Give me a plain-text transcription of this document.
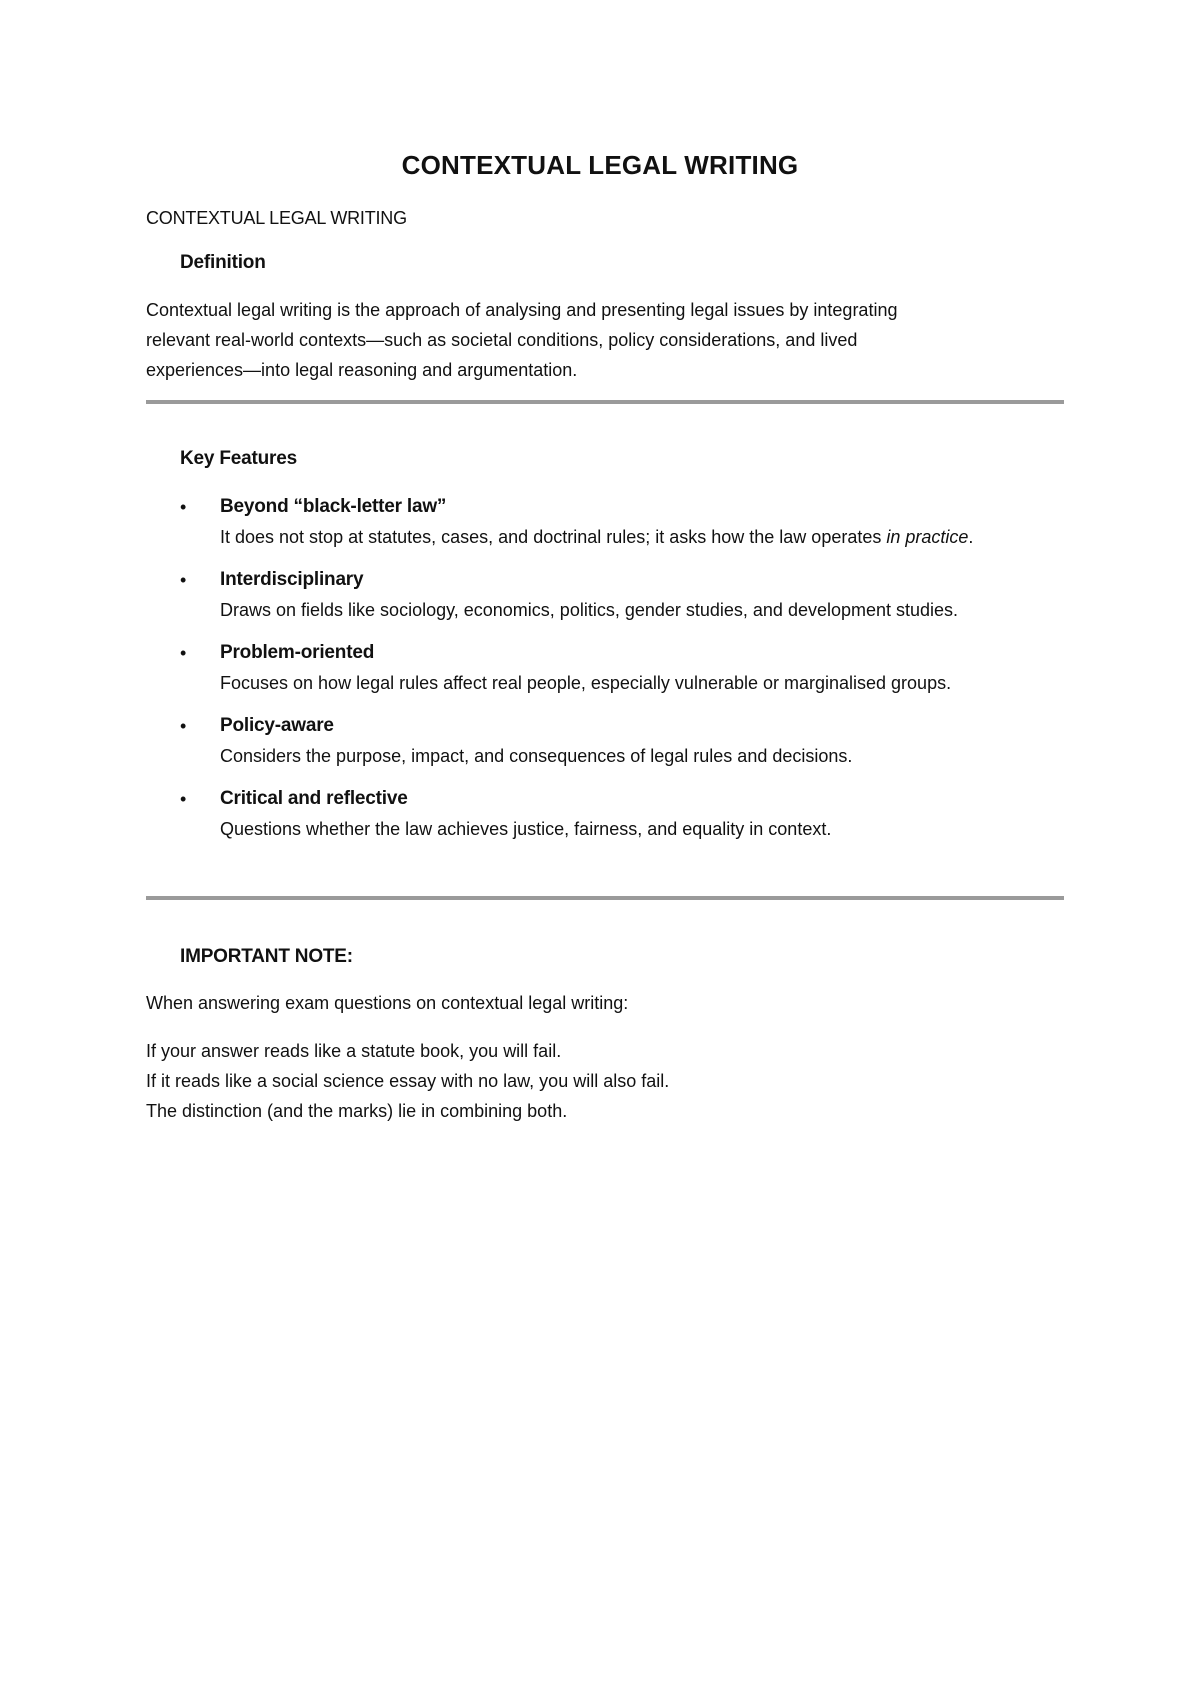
CONTEXTUAL LEGAL WRITING
CONTEXTUAL LEGAL WRITING
Definition

Contextual legal writing is the approach of analysing and presenting legal issues by integrating

relevant real-world contexts—such as societal conditions, policy considerations, and lived

experiences—into legal reasoning and argumentation.

Key Features
• Beyond “black-letter law”
It does not stop at statutes, cases, and doctrinal rules; it asks how the law operates in practice.
• Interdisciplinary
Draws on fields like sociology, economics, politics, gender studies, and development studies.
• Problem-oriented
Focuses on how legal rules affect real people, especially vulnerable or marginalised groups.
• Policy-aware
Considers the purpose, impact, and consequences of legal rules and decisions.
• Critical and reflective
Questions whether the law achieves justice, fairness, and equality in context.
IMPORTANT NOTE:
When answering exam questions on contextual legal writing:

If your answer reads like a statute book, you will fail.

If it reads like a social science essay with no law, you will also fail.

The distinction (and the marks) lie in combining both.
